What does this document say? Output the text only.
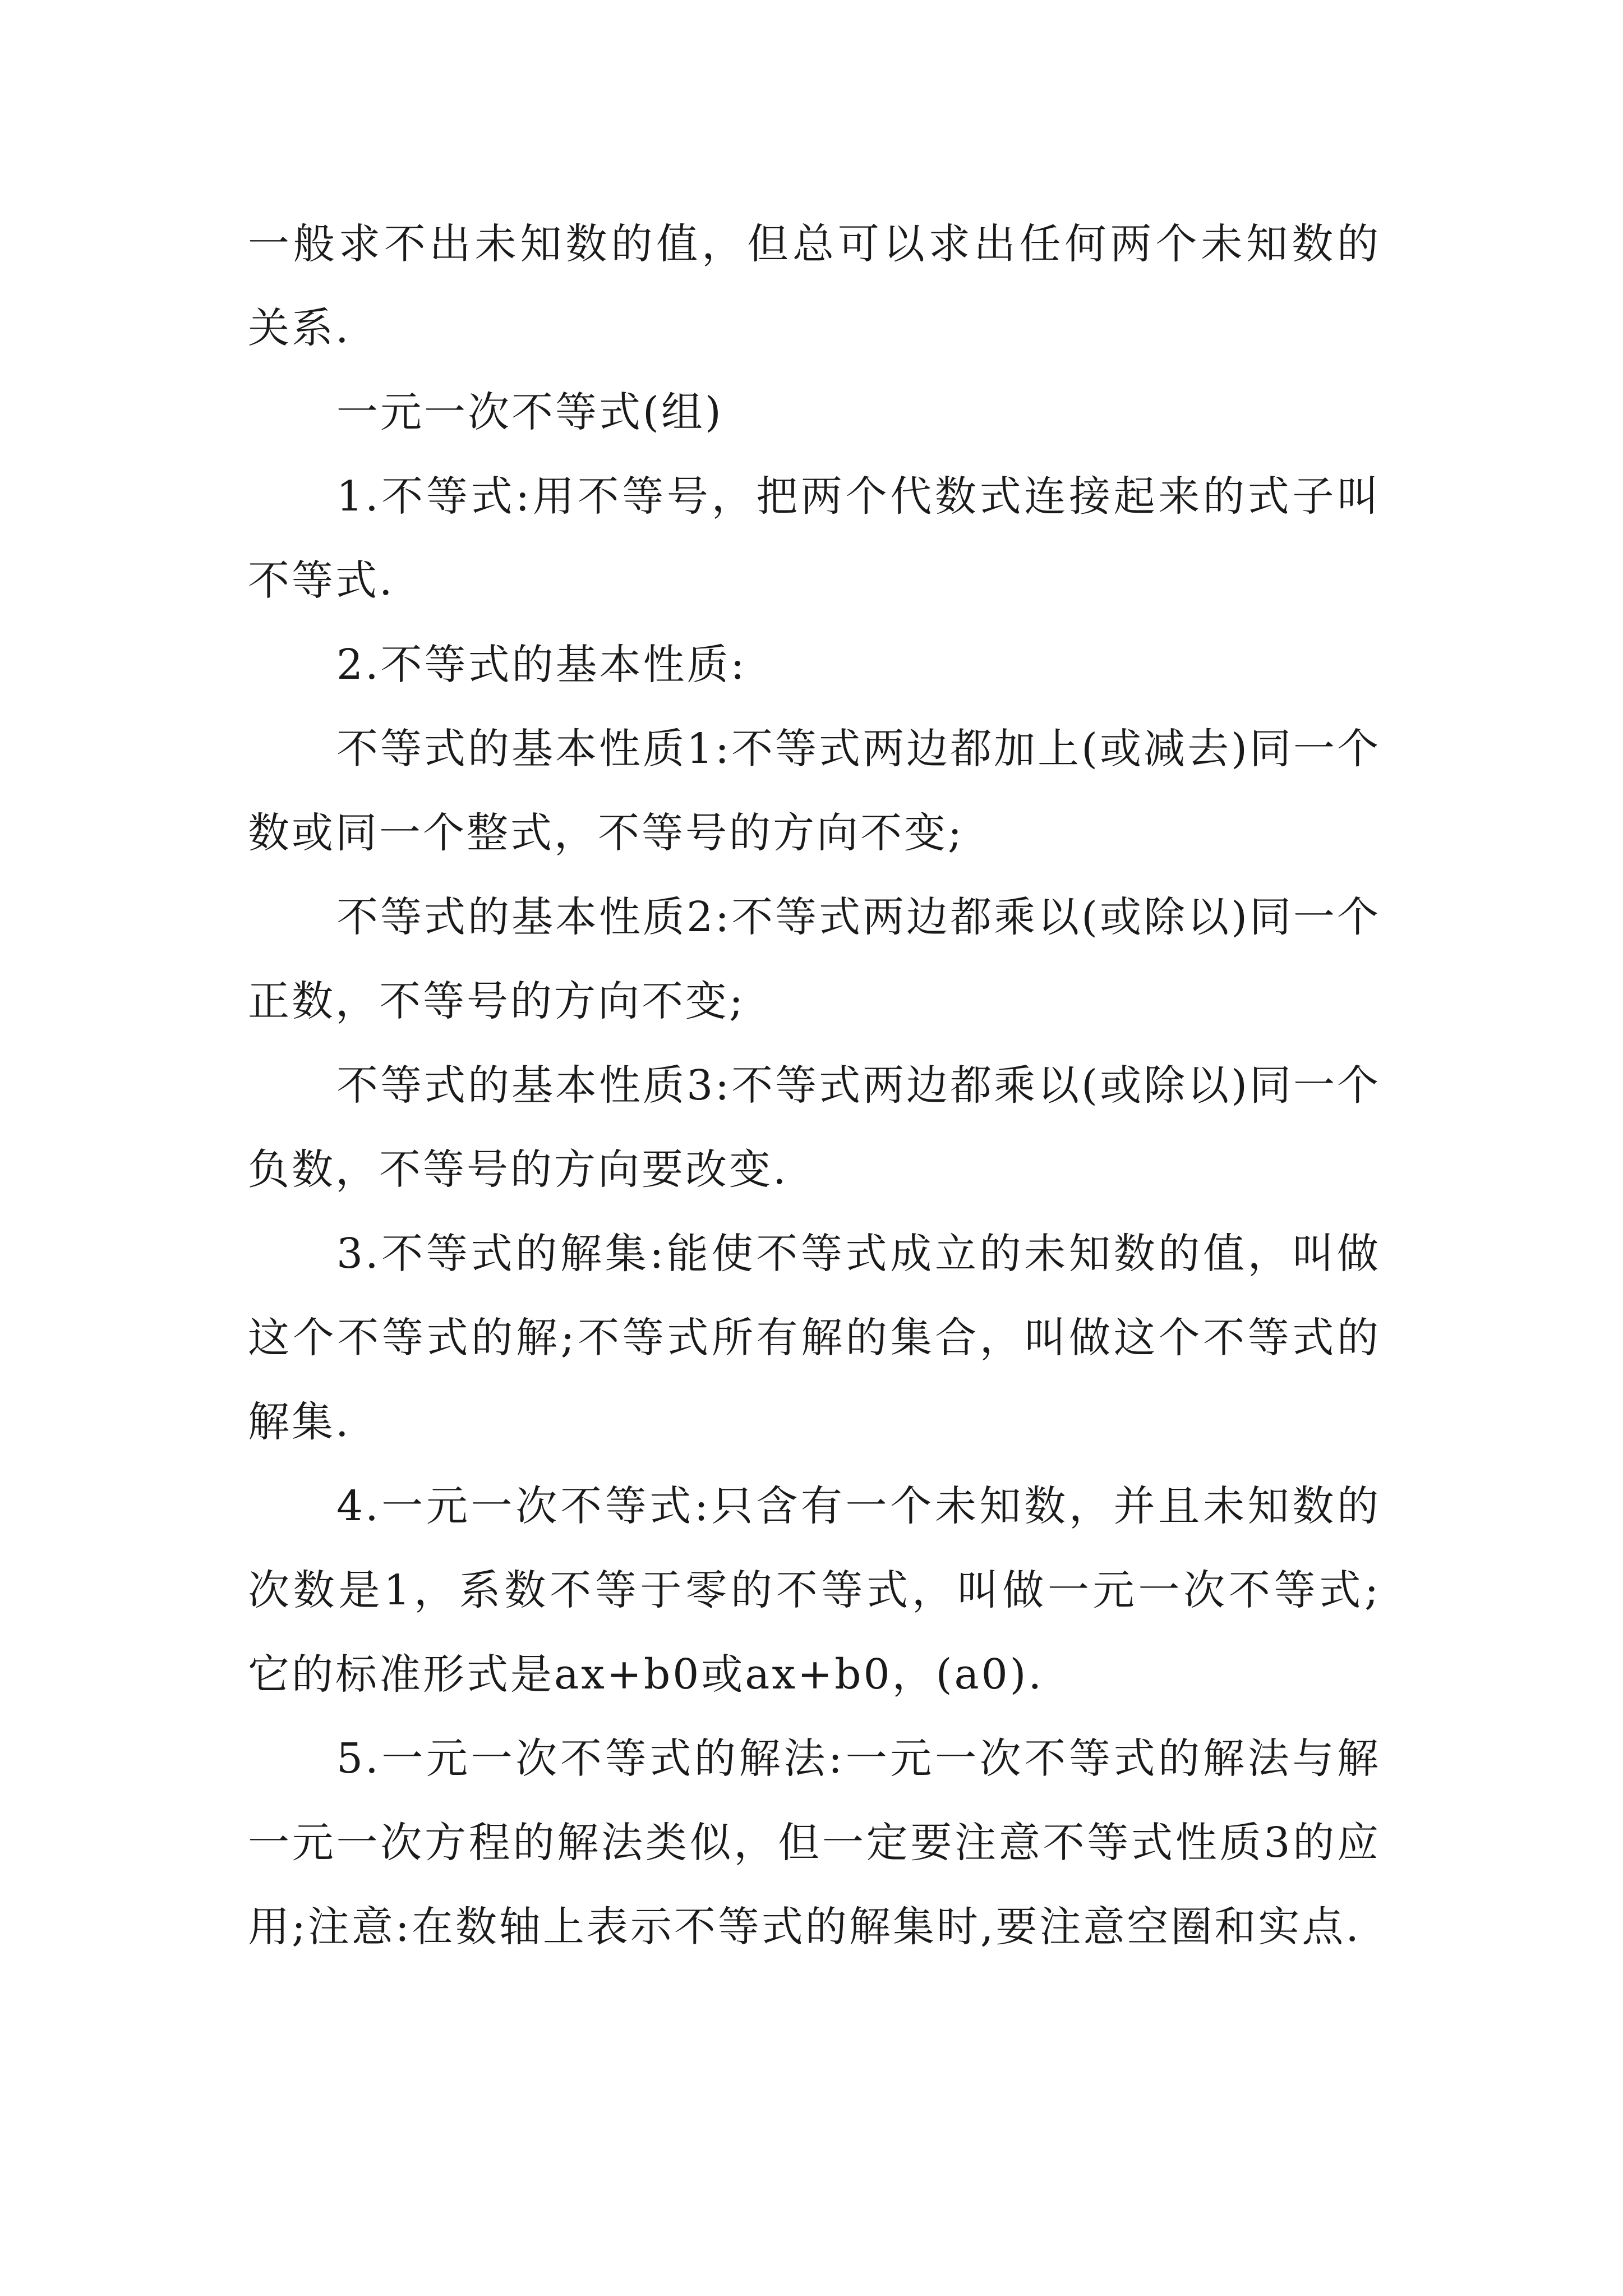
一般求不出未知数的值，但总可以求出任何两个未知数的关系.

一元一次不等式(组)

1.不等式:用不等号，把两个代数式连接起来的式子叫不等式.

2.不等式的基本性质:

不等式的基本性质1:不等式两边都加上(或减去)同一个数或同一个整式，不等号的方向不变;

不等式的基本性质2:不等式两边都乘以(或除以)同一个正数，不等号的方向不变;

不等式的基本性质3:不等式两边都乘以(或除以)同一个负数，不等号的方向要改变.

3.不等式的解集:能使不等式成立的未知数的值，叫做这个不等式的解;不等式所有解的集合，叫做这个不等式的解集.

4.一元一次不等式:只含有一个未知数，并且未知数的次数是1，系数不等于零的不等式，叫做一元一次不等式;它的标准形式是ax+b0或ax+b0，(a0).

5.一元一次不等式的解法:一元一次不等式的解法与解一元一次方程的解法类似，但一定要注意不等式性质3的应用;注意:在数轴上表示不等式的解集时,要注意空圈和实点.
